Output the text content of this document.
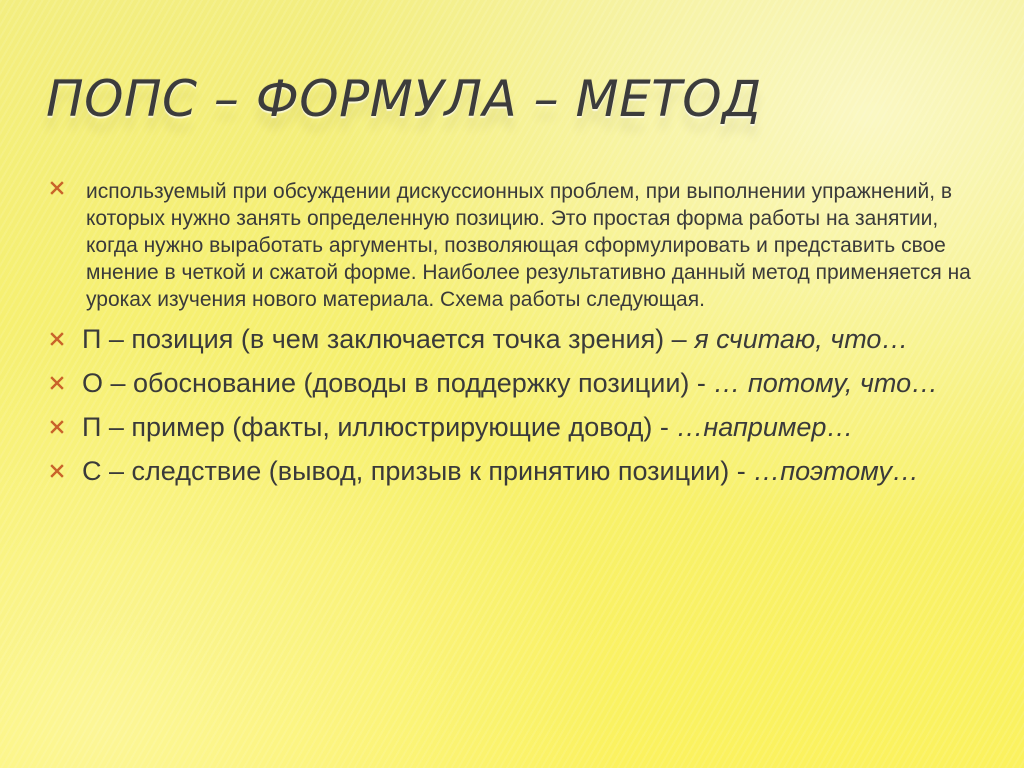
ПОПС – ФОРМУЛА – МЕТОД
используемый при обсуждении дискуссионных проблем, при выполнении упражнений, в которых нужно занять определенную позицию. Это простая форма работы на занятии, когда нужно выработать аргументы, позволяющая сформулировать и представить свое мнение в четкой и сжатой форме. Наиболее результативно данный метод применяется на уроках изучения нового материала. Схема работы следующая.
П – позиция (в чем заключается точка зрения) – я считаю, что…
О – обоснование (доводы в поддержку позиции) - … потому, что…
П – пример (факты, иллюстрирующие довод) - …например…
С – следствие (вывод, призыв к принятию позиции) - …поэтому…
